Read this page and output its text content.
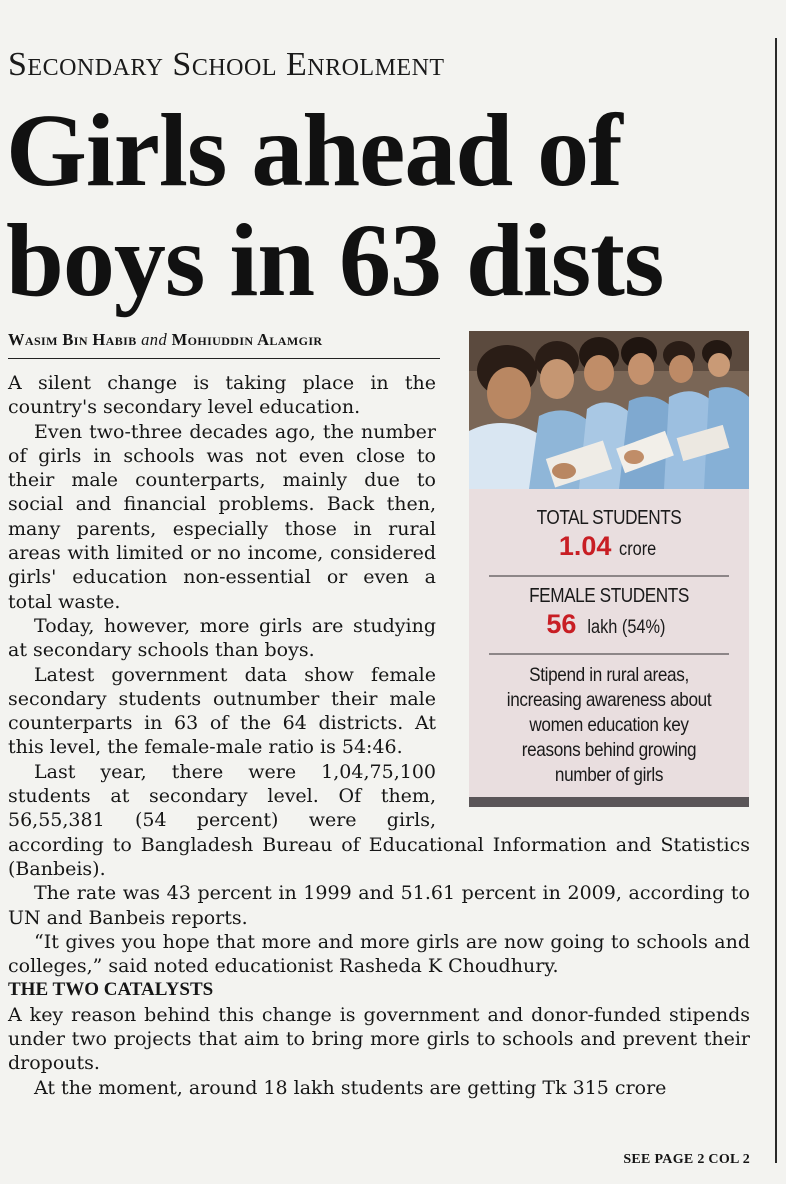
Secondary School Enrolment
Girls ahead of
boys in 63 dists
Wasim Bin Habib and Mohiuddin Alamgir
TOTAL STUDENTS
1.04 crore
FEMALE STUDENTS
56 lakh (54%)
Stipend in rural areas, increasing awareness about women education key reasons behind growing number of girls

A silent change is taking place in the country's secondary level education.

Even two-three decades ago, the number of girls in schools was not even close to their male counterparts, mainly due to social and financial problems. Back then, many parents, especially those in rural areas with limited or no income, considered girls' education non-essential or even a total waste.

Today, however, more girls are studying at secondary schools than boys.

Latest government data show female secondary students outnumber their male counterparts in 63 of the 64 districts. At this level, the female-male ratio is 54:46.

Last year, there were 1,04,75,100 students at secondary level. Of them, 56,55,381 (54 percent) were girls, according to Bangladesh Bureau of Educational Information and Statistics (Banbeis).

The rate was 43 percent in 1999 and 51.61 percent in 2009, according to UN and Banbeis reports.

“It gives you hope that more and more girls are now going to schools and colleges,” said noted educationist Rasheda K Choudhury.

THE TWO CATALYSTS

A key reason behind this change is government and donor-funded stipends under two projects that aim to bring more girls to schools and prevent their dropouts.

At the moment, around 18 lakh students are getting Tk 315 crore

SEE PAGE 2 COL 2
